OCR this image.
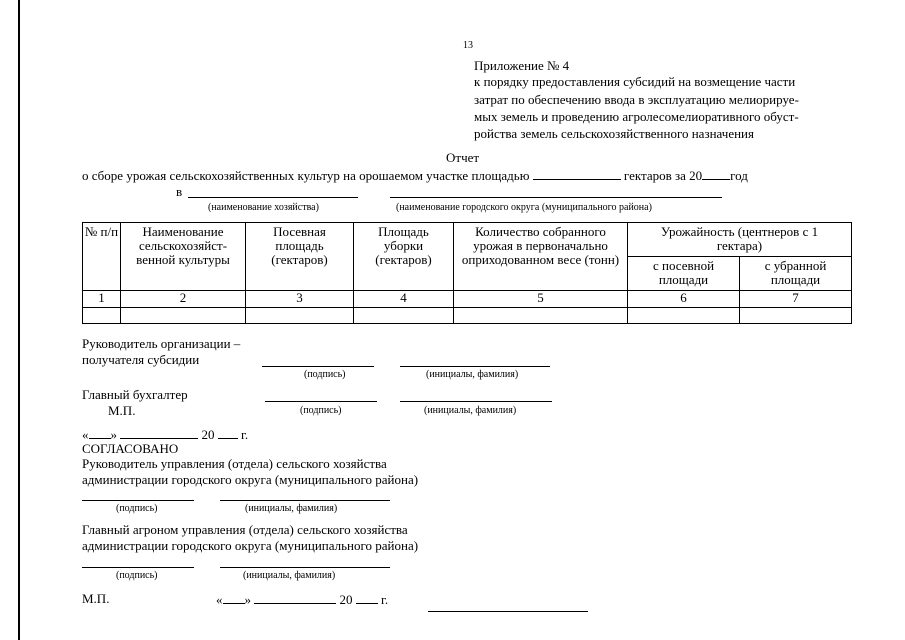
13
Приложение № 4
к порядку предоставления субсидий на возмещение части
затрат по обеспечению ввода в эксплуатацию мелиорируе-
мых земель и проведению агролесомелиоративного обуст-
ройства земель сельскохозяйственного назначения
Отчет
о сборе урожая сельскохозяйственных культур на орошаемом участке площадью	гектаров за 20 год
в
(наименование хозяйства)	(наименование городского округа (муниципального района)
№ п/п	Наименование сельскохозяйст- венной культуры	Посевная площадь (гектаров)	Площадь уборки (гектаров)	Количество собранного урожая в первоначально оприходованном весе (тонн)	Урожайность (центнеров с 1 гектара)	
					с посевной площади	с убранной площади
1	2	3	4	5	6	7

Руководитель организации –
получателя субсидии
(подпись)	(инициалы, фамилия)
Главный бухгалтер
М.П.	(подпись)	(инициалы, фамилия)
« »	20 г.
СОГЛАСОВАНО
Руководитель управления (отдела) сельского хозяйства
администрации городского округа (муниципального района)
(подпись)	(инициалы, фамилия)
Главный агроном управления (отдела) сельского хозяйства
администрации городского округа (муниципального района)
(подпись)	(инициалы, фамилия)
М.П.	« »	20 г.
